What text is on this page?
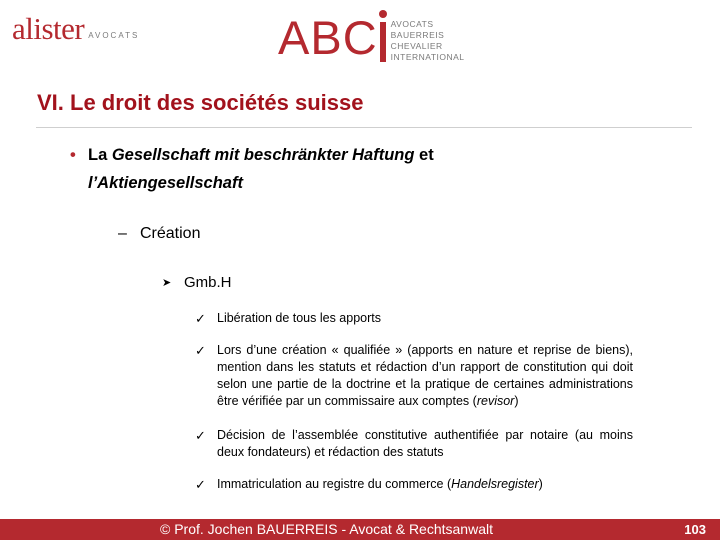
alister AVOCATS	ABC AVOCATS
BAUERREIS
CHEVALIER
INTERNATIONAL
VI. Le droit des sociétés suisse
• La Gesellschaft mit beschränkter Haftung et
l’Aktiengesellschaft
– Création
➤ Gmb.H
✓ Libération de tous les apports
✓ Lors d’une création « qualifiée » (apports en nature et reprise de biens), mention dans les statuts et rédaction d’un rapport de constitution qui doit selon une partie de la doctrine et la pratique de certaines administrations être vérifiée par un commissaire aux comptes (revisor)
✓ Décision de l’assemblée constitutive authentifiée par notaire (au moins deux fondateurs) et rédaction des statuts
✓ Immatriculation au registre du commerce (Handelsregister)
© Prof. Jochen BAUERREIS - Avocat & Rechtsanwalt	103
